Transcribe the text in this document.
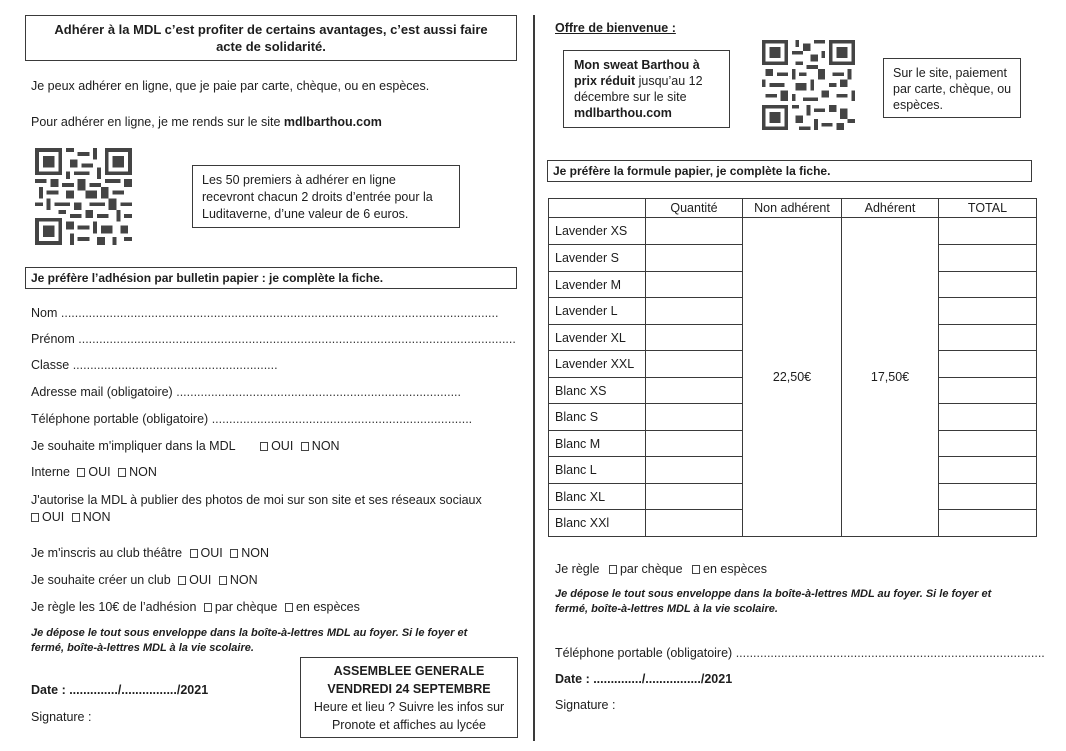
Adhérer à la MDL c’est profiter de certains avantages, c’est aussi faire
acte de solidarité.
Je peux adhérer en ligne, que je paie par carte, chèque, ou en espèces.
Pour adhérer en ligne, je me rends sur le site mdlbarthou.com
Les 50 premiers à adhérer en ligne
recevront chacun 2 droits d’entrée pour la
Luditaverne, d’une valeur de 6 euros.
Je préfère l’adhésion par bulletin papier : je complète la fiche.
Nom ..............................................................................................................................
Prénom ..............................................................................................................................
Classe ...........................................................
Adresse mail (obligatoire) ..................................................................................
Téléphone portable (obligatoire) ...........................................................................
Je souhaite m'impliquer dans la MDL	OUI NON
Interne OUI NON
J'autorise la MDL à publier des photos de moi sur son site et ses réseaux sociaux
OUI NON
Je m'inscris au club théâtre OUI NON
Je souhaite créer un club OUI NON
Je règle les 10€ de l’adhésion par chèque en espèces
Je dépose le tout sous enveloppe dans la boîte-à-lettres MDL au foyer. Si le foyer et
fermé, boîte-à-lettres MDL à la vie scolaire.
Date : ............../................/2021
Signature :
ASSEMBLEE GENERALE
VENDREDI 24 SEPTEMBRE
Heure et lieu ? Suivre les infos sur
Pronote et affiches au lycée
Offre de bienvenue :
Mon sweat Barthou à
prix réduit jusqu’au 12
décembre sur le site
mdlbarthou.com
Sur le site, paiement
par carte, chèque, ou
espèces.
Je préfère la formule papier, je complète la fiche.
	Quantité	Non adhérent	Adhérent	TOTAL
Lavender XS		22,50€	17,50€	
Lavender S				
Lavender M				
Lavender L				
Lavender XL				
Lavender XXL				
Blanc XS				
Blanc S				
Blanc M				
Blanc L				
Blanc XL				
Blanc XXl				
Je règle par chèque en espèces
Je dépose le tout sous enveloppe dans la boîte-à-lettres MDL au foyer. Si le foyer et
fermé, boîte-à-lettres MDL à la vie scolaire.
Téléphone portable (obligatoire) .........................................................................................
Date : ............../................/2021
Signature :
